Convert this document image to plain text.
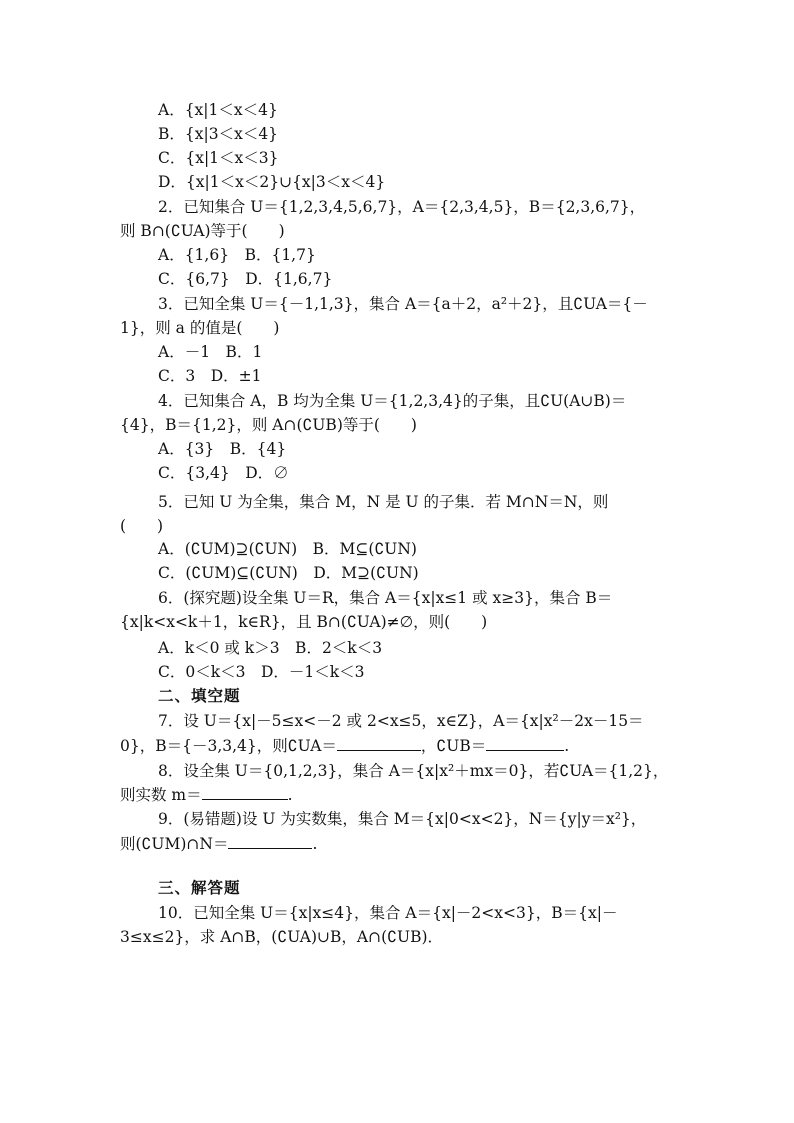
A．{x|1＜x＜4}
B．{x|3＜x＜4}
C．{x|1＜x＜3}
D．{x|1＜x＜2}∪{x|3＜x＜4}
2．已知集合 U＝{1,2,3,4,5,6,7}，A＝{2,3,4,5}，B＝{2,3,6,7}，
则 B∩(∁UA)等于(　　)
A．{1,6}　B．{1,7}
C．{6,7}　D．{1,6,7}
3．已知全集 U＝{－1,1,3}，集合 A＝{a＋2，a²＋2}，且∁UA＝{－
1}，则 a 的值是(　　)
A．－1　B．1
C．3　D．±1
4．已知集合 A，B 均为全集 U＝{1,2,3,4}的子集，且∁U(A∪B)＝
{4}，B＝{1,2}，则 A∩(∁UB)等于(　　)
A．{3}　B．{4}
C．{3,4}　D．∅
5．已知 U 为全集，集合 M，N 是 U 的子集．若 M∩N＝N，则
(　　)
A．(∁UM)⊇(∁UN)　B．M⊆(∁UN)
C．(∁UM)⊆(∁UN)　D．M⊇(∁UN)
6．(探究题)设全集 U＝R，集合 A＝{x|x≤1 或 x≥3}，集合 B＝
{x|k<x<k＋1，k∈R}，且 B∩(∁UA)≠∅，则(　　)
A．k＜0 或 k＞3　B．2＜k＜3
C．0＜k＜3　D．－1＜k＜3
二、填空题
7．设 U＝{x|－5≤x<－2 或 2<x≤5，x∈Z}，A＝{x|x²－2x－15＝
0}，B＝{－3,3,4}，则∁UA＝	，∁UB＝	.
8．设全集 U＝{0,1,2,3}，集合 A＝{x|x²＋mx＝0}，若∁UA＝{1,2}，
则实数 m＝	.
9．(易错题)设 U 为实数集，集合 M＝{x|0<x<2}，N＝{y|y＝x²}，
则(∁UM)∩N＝	.
三、解答题
10．已知全集 U＝{x|x≤4}，集合 A＝{x|－2<x<3}，B＝{x|－
3≤x≤2}，求 A∩B，(∁UA)∪B，A∩(∁UB)．
